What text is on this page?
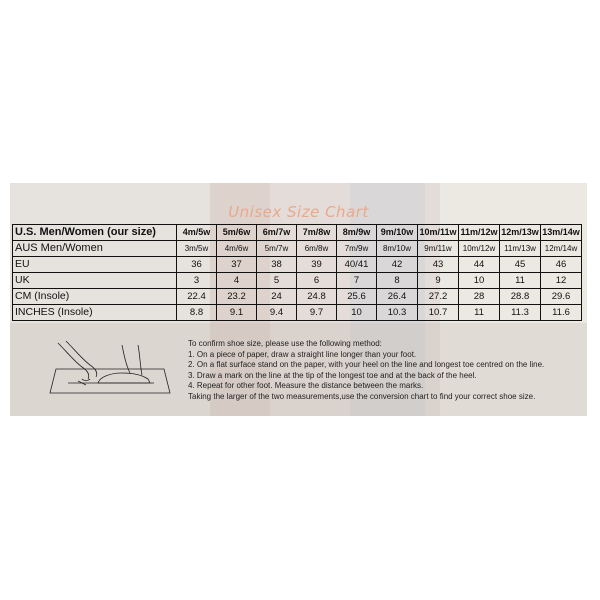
Unisex Size Chart
U.S. Men/Women (our size)	4m/5w	5m/6w	6m/7w	7m/8w	8m/9w	9m/10w	10m/11w	11m/12w	12m/13w	13m/14w
AUS Men/Women	3m/5w	4m/6w	5m/7w	6m/8w	7m/9w	8m/10w	9m/11w	10m/12w	11m/13w	12m/14w
EU	36	37	38	39	40/41	42	43	44	45	46
UK	3	4	5	6	7	8	9	10	11	12
CM (Insole)	22.4	23.2	24	24.8	25.6	26.4	27.2	28	28.8	29.6
INCHES (Insole)	8.8	9.1	9.4	9.7	10	10.3	10.7	11	11.3	11.6
To confirm shoe size, please use the following method:
1. On a piece of paper, draw a straight line longer than your foot.
2. On a flat surface stand on the paper, with your heel on the line and longest toe centred on the line.
3. Draw a mark on the line at the tip of the longest toe and at the back of the heel.
4. Repeat for other foot. Measure the distance between the marks.
Taking the larger of the two measurements,use the conversion chart to find your correct shoe size.
